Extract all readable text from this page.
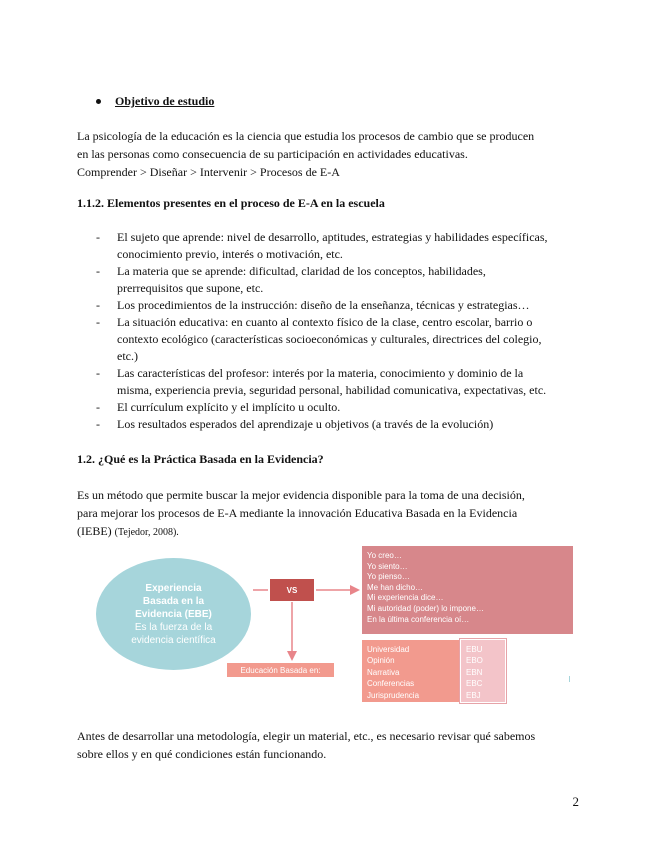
Objetivo de estudio

La psicología de la educación es la ciencia que estudia los procesos de cambio que se producen

en las personas como consecuencia de su participación en actividades educativas.

Comprender > Diseñar > Intervenir > Procesos de E-A

1.1.2. Elementos presentes en el proceso de E-A en la escuela
- El sujeto que aprende: nivel de desarrollo, aptitudes, estrategias y habilidades específicas,
conocimiento previo, interés o motivación, etc.
- La materia que se aprende: dificultad, claridad de los conceptos, habilidades,
prerrequisitos que supone, etc.
- Los procedimientos de la instrucción: diseño de la enseñanza, técnicas y estrategias…
- La situación educativa: en cuanto al contexto físico de la clase, centro escolar, barrio o
contexto ecológico (características socioeconómicas y culturales, directrices del colegio,
etc.)
- Las características del profesor: interés por la materia, conocimiento y dominio de la
misma, experiencia previa, seguridad personal, habilidad comunicativa, expectativas, etc.
- El currículum explícito y el implícito u oculto.
- Los resultados esperados del aprendizaje u objetivos (a través de la evolución)
1.2. ¿Qué es la Práctica Basada en la Evidencia?

Es un método que permite buscar la mejor evidencia disponible para la toma de una decisión,

para mejorar los procesos de E-A mediante la innovación Educativa Basada en la Evidencia

(IEBE) (Tejedor, 2008).

Experiencia
Basada en la
Evidencia (EBE)
Es la fuerza de la
evidencia científica
VS
Yo creo…
Yo siento…
Yo pienso…
Me han dicho…
Mi experiencia dice…
Mi autoridad (poder) lo impone…
En la última conferencia oí…
Universidad
Opinión
Narrativa
Conferencias
Jurisprudencia
EBU
EBO
EBN
EBC
EBJ
Educación Basada en:

Antes de desarrollar una metodología, elegir un material, etc., es necesario revisar qué sabemos

sobre ellos y en qué condiciones están funcionando.

2
